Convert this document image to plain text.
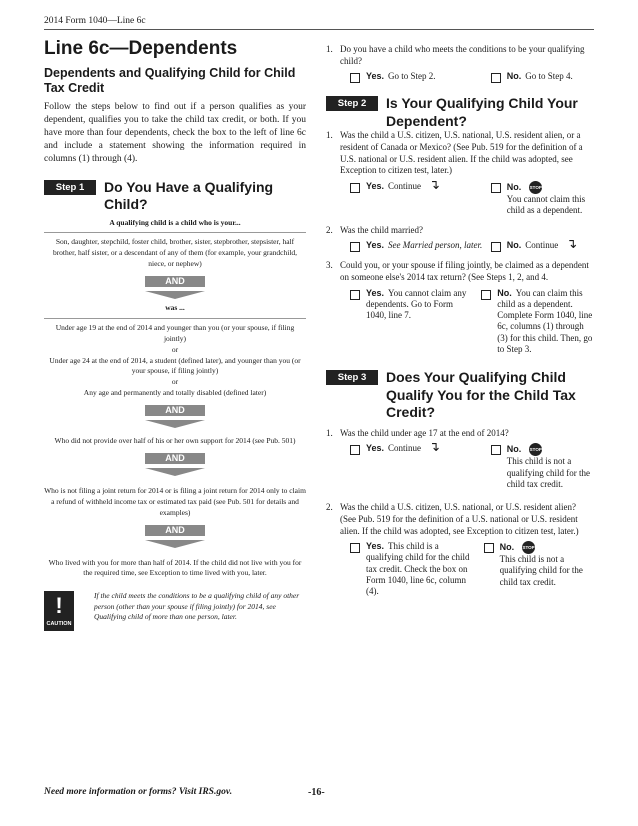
2014 Form 1040—Line 6c
Line 6c—Dependents
Dependents and Qualifying Child for Child Tax Credit

Follow the steps below to find out if a person qualifies as your dependent, qualifies you to take the child tax credit, or both. If you have more than four dependents, check the box to the left of line 6c and include a statement showing the information required in columns (1) through (4).

Step 1	Do You Have a Qualifying Child?

A qualifying child is a child who is your...

Son, daughter, stepchild, foster child, brother, sister, stepbrother, stepsister, half brother, half sister, or a descendant of any of them (for example, your grandchild, niece, or nephew)

AND

was ...

Under age 19 at the end of 2014 and younger than you (or your spouse, if filing jointly)

or

Under age 24 at the end of 2014, a student (defined later), and younger than you (or your spouse, if filing jointly)

or

Any age and permanently and totally disabled (defined later)

AND

Who did not provide over half of his or her own support for 2014 (see Pub. 501)

AND

Who is not filing a joint return for 2014 or is filing a joint return for 2014 only to claim a refund of withheld income tax or estimated tax paid (see Pub. 501 for details and examples)

AND

Who lived with you for more than half of 2014. If the child did not live with you for the required time, see Exception to time lived with you, later.

!
CAUTION
If the child meets the conditions to be a qualifying child of any other person (other than your spouse if filing jointly) for 2014, see Qualifying child of more than one person, later.
1. Do you have a child who meets the conditions to be your qualifying child?
Yes. Go to Step 2.	No. Go to Step 4.
Step 2	Is Your Qualifying Child Your Dependent?
1. Was the child a U.S. citizen, U.S. national, U.S. resident alien, or a resident of Canada or Mexico? (See Pub. 519 for the definition of a U.S. national or U.S. resident alien. If the child was adopted, see Exception to citizen test, later.)
Yes. Continue ↴	No. STOP
You cannot claim this child as a dependent.
2. Was the child married?
Yes. See Married person, later.	No. Continue ↴
3. Could you, or your spouse if filing jointly, be claimed as a dependent on someone else's 2014 tax return? (See Steps 1, 2, and 4.
Yes. You cannot claim any dependents. Go to Form 1040, line 7.
No. You can claim this child as a dependent. Complete Form 1040, line 6c, columns (1) through (3) for this child. Then, go to Step 3.
Step 3	Does Your Qualifying Child Qualify You for the Child Tax Credit?
1. Was the child under age 17 at the end of 2014?
Yes. Continue ↴	No. STOP
This child is not a qualifying child for the child tax credit.
2. Was the child a U.S. citizen, U.S. national, or U.S. resident alien? (See Pub. 519 for the definition of a U.S. national or U.S. resident alien. If the child was adopted, see Exception to citizen test, later.)
Yes. This child is a qualifying child for the child tax credit. Check the box on Form 1040, line 6c, column (4).
No. STOP
This child is not a qualifying child for the child tax credit.
Need more information or forms? Visit IRS.gov.	-16-
